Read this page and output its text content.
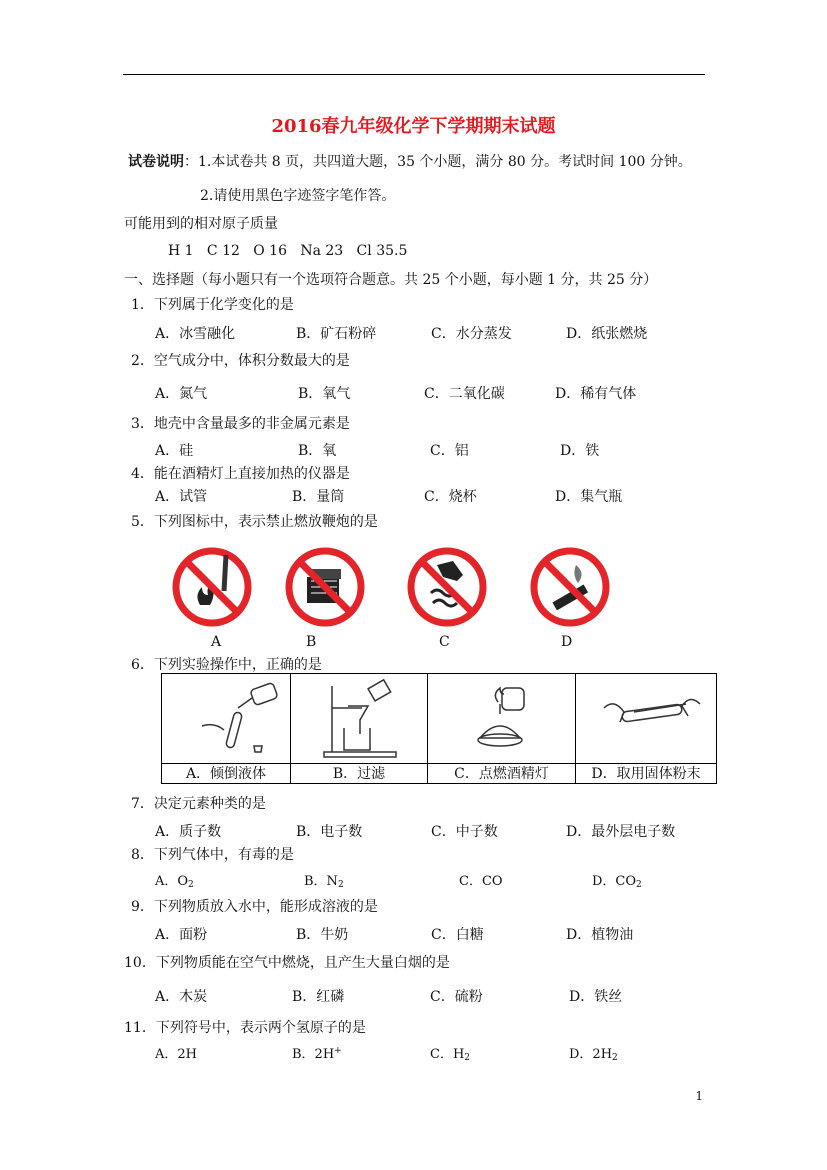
2016春九年级化学下学期期末试题
试卷说明：1.本试卷共 8 页，共四道大题，35 个小题，满分 80 分。考试时间 100 分钟。
2.请使用黑色字迹签字笔作答。
可能用到的相对原子质量
H 1   C 12   O 16   Na 23   Cl 35.5
一、选择题（每小题只有一个选项符合题意。共 25 个小题，每小题 1 分，共 25 分）
1．下列属于化学变化的是
A．冰雪融化	B．矿石粉碎	C．水分蒸发	D．纸张燃烧
2．空气成分中，体积分数最大的是
A．氮气	B．氧气	C．二氧化碳	D．稀有气体
3．地壳中含量最多的非金属元素是
A．硅	B．氧	C．铝	D．铁
4．能在酒精灯上直接加热的仪器是
A．试管	B．量筒	C．烧杯	D．集气瓶
5．下列图标中，表示禁止燃放鞭炮的是
A	B	C	D
6．下列实验操作中，正确的是
A．倾倒液体	B．过滤	C．点燃酒精灯	D．取用固体粉末
7．决定元素种类的是
A．质子数	B．电子数	C．中子数	D．最外层电子数
8．下列气体中，有毒的是
A．$O_2$	B．$N_2$	C．CO	D．$CO_2$
9．下列物质放入水中，能形成溶液的是
A．面粉	B．牛奶	C．白糖	D．植物油
10．下列物质能在空气中燃烧，且产生大量白烟的是
A．木炭	B．红磷	C．硫粉	D．铁丝
11．下列符号中，表示两个氢原子的是
A．2H	B．2H+	C．$H_2$	D．$2H_2$
1
